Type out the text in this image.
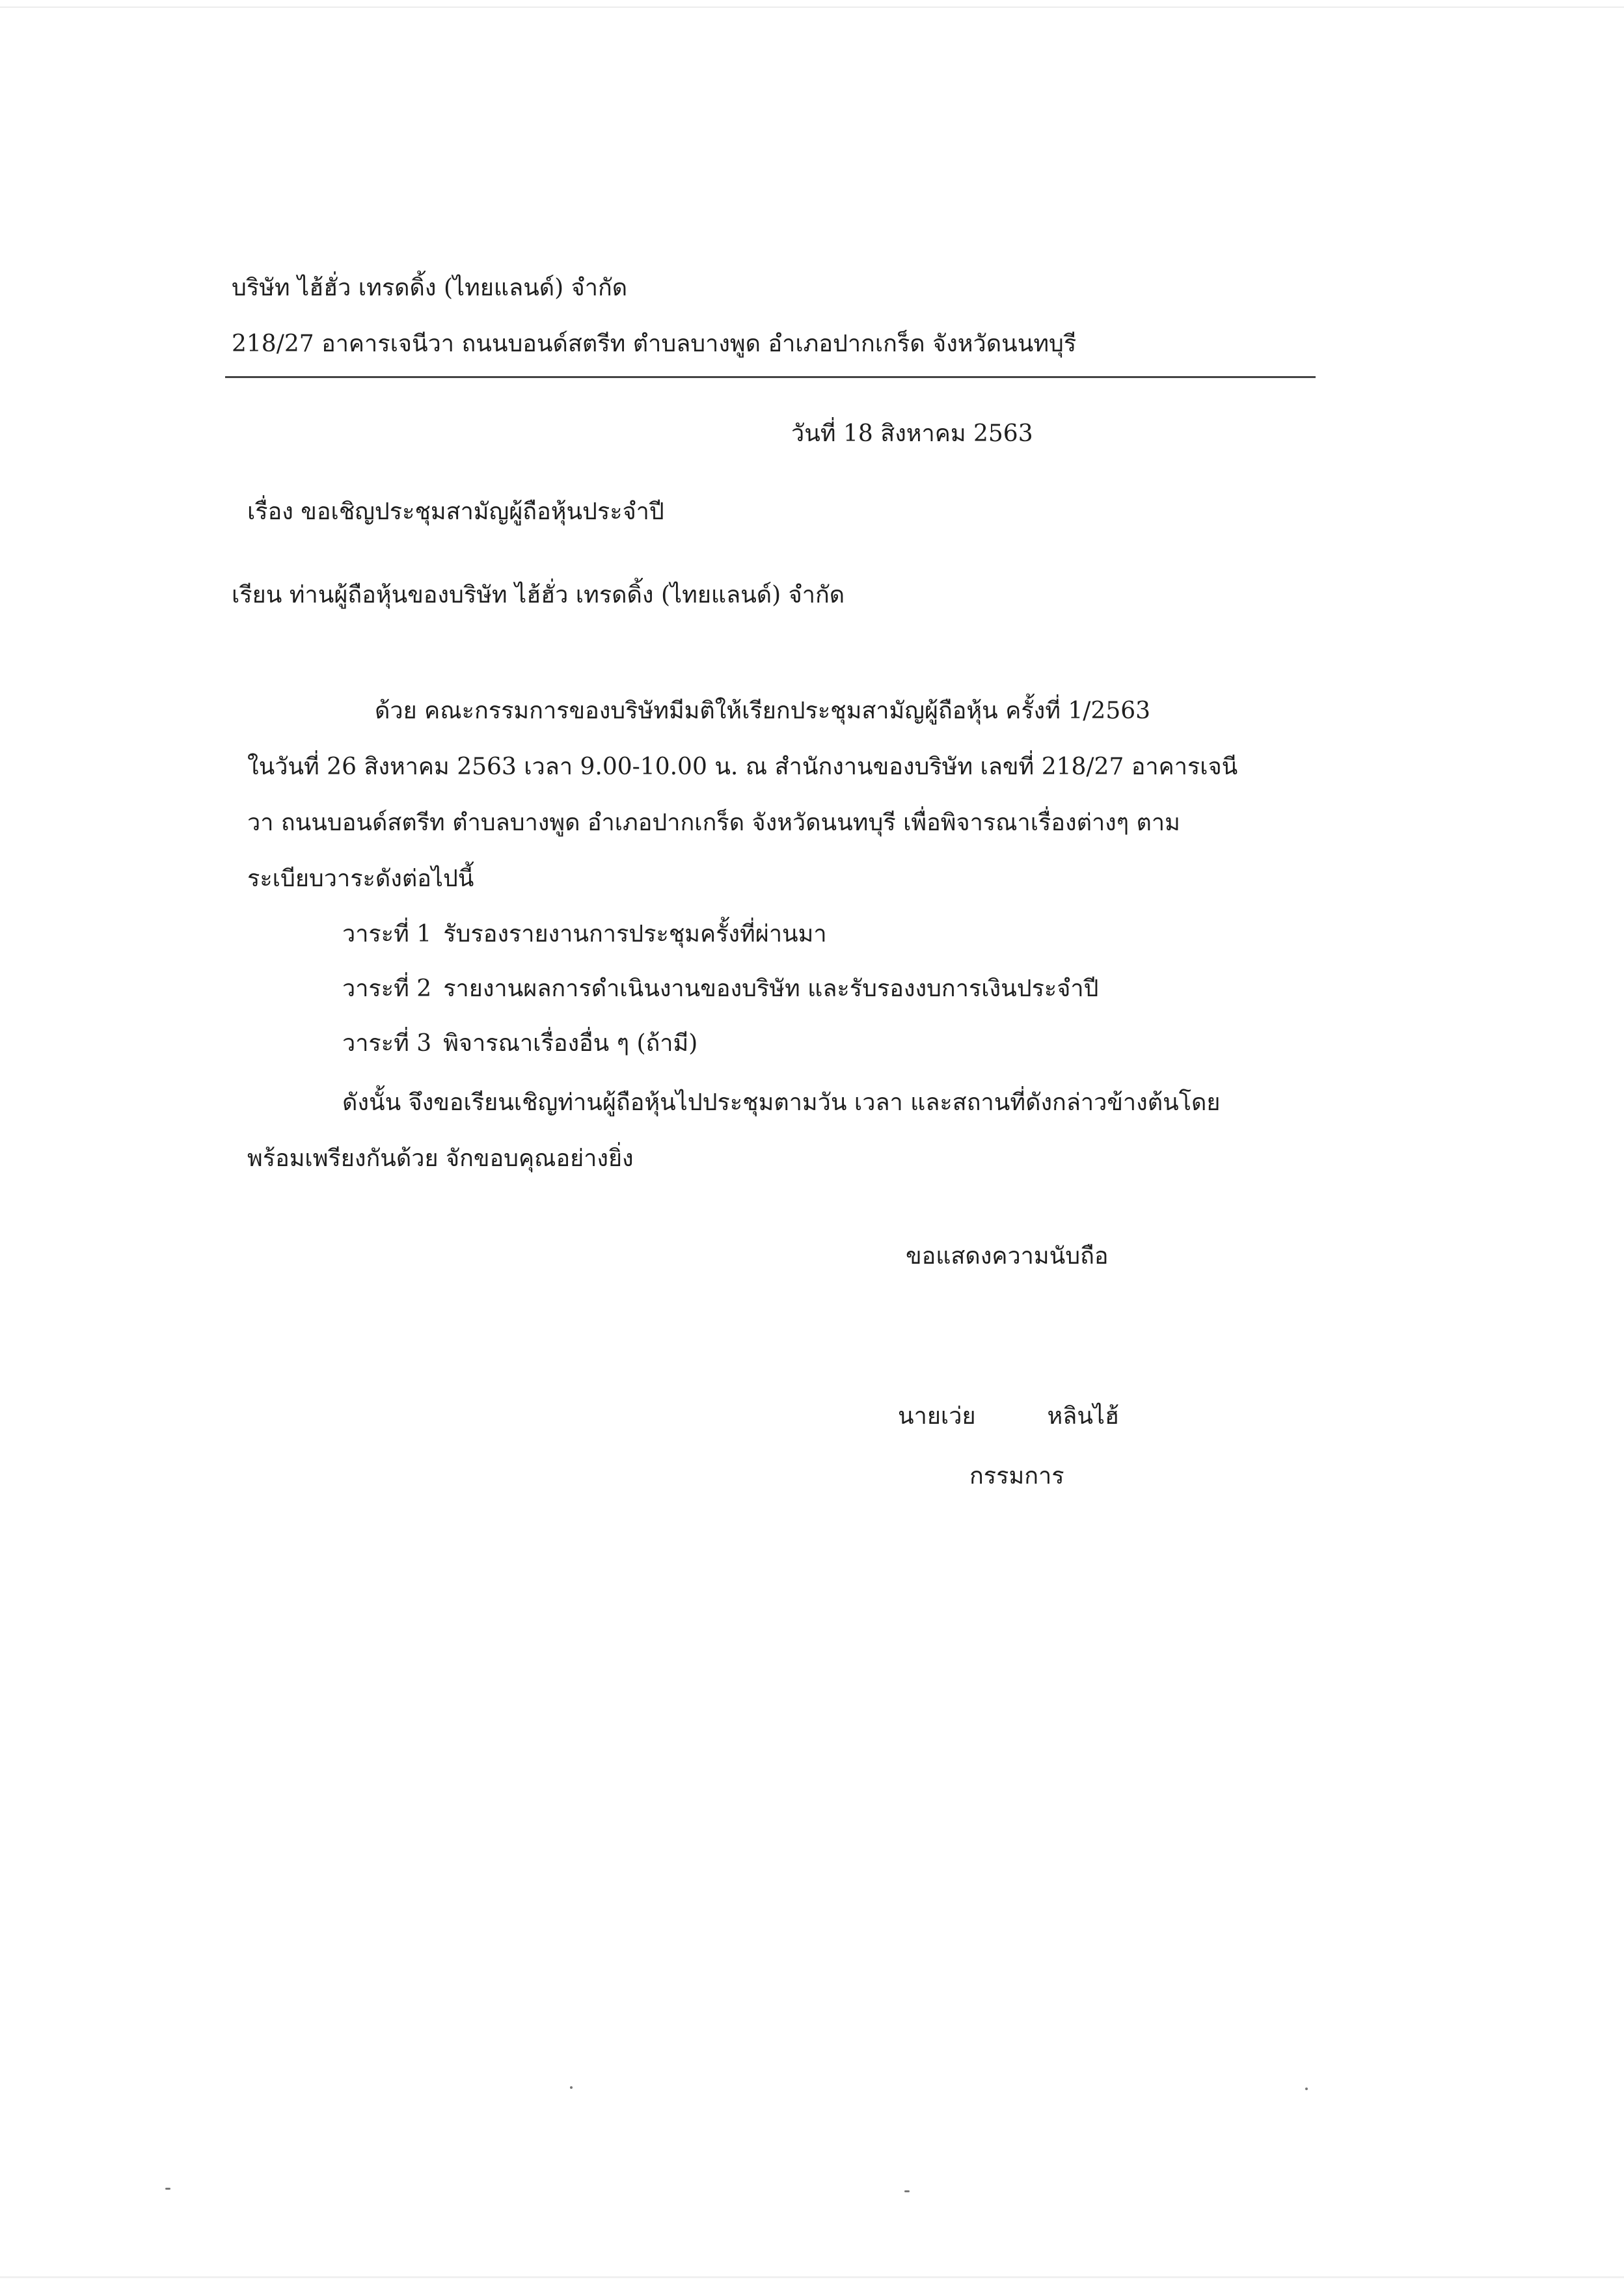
บริษัท ไฮ้ฮั่ว เทรดดิ้ง (ไทยแลนด์) จำกัด
218/27 อาคารเจนีวา ถนนบอนด์สตรีท ตำบลบางพูด อำเภอปากเกร็ด จังหวัดนนทบุรี
วันที่ 18 สิงหาคม 2563
เรื่อง ขอเชิญประชุมสามัญผู้ถือหุ้นประจำปี
เรียน ท่านผู้ถือหุ้นของบริษัท ไฮ้ฮั่ว เทรดดิ้ง (ไทยแลนด์) จำกัด
ด้วย คณะกรรมการของบริษัทมีมติให้เรียกประชุมสามัญผู้ถือหุ้น ครั้งที่ 1/2563
ในวันที่ 26 สิงหาคม 2563 เวลา 9.00-10.00 น. ณ สำนักงานของบริษัท เลขที่ 218/27 อาคารเจนี
วา ถนนบอนด์สตรีท ตำบลบางพูด อำเภอปากเกร็ด จังหวัดนนทบุรี เพื่อพิจารณาเรื่องต่างๆ ตาม
ระเบียบวาระดังต่อไปนี้
วาระที่ 1 รับรองรายงานการประชุมครั้งที่ผ่านมา
วาระที่ 2 รายงานผลการดำเนินงานของบริษัท และรับรองงบการเงินประจำปี
วาระที่ 3 พิจารณาเรื่องอื่น ๆ (ถ้ามี)
ดังนั้น จึงขอเรียนเชิญท่านผู้ถือหุ้นไปประชุมตามวัน เวลา และสถานที่ดังกล่าวข้างต้นโดย
พร้อมเพรียงกันด้วย จักขอบคุณอย่างยิ่ง
ขอแสดงความนับถือ
นายเว่ย	หลินไฮ้
กรรมการ
